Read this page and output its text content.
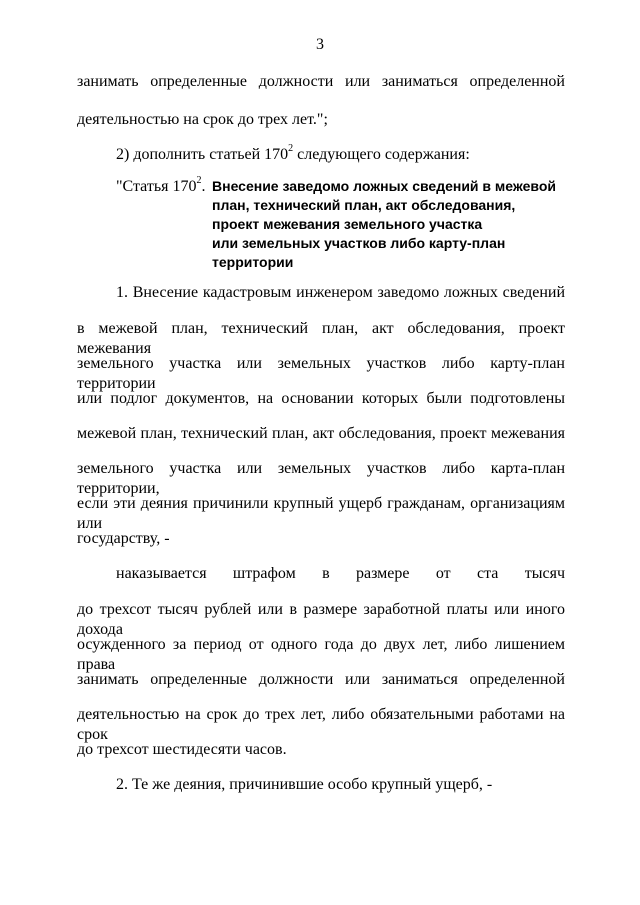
3
занимать определенные должности или заниматься определенной
деятельностью на срок до трех лет.";
2) дополнить статьей $170^2$ следующего содержания:
"Статья $170^2$. Внесение заведомо ложных сведений в межевой
план, технический план, акт обследования,
проект межевания земельного участка
или земельных участков либо карту-план
территории
1. Внесение кадастровым инженером заведомо ложных сведений
в межевой план, технический план, акт обследования, проект межевания
земельного участка или земельных участков либо карту-план территории
или подлог документов, на основании которых были подготовлены
межевой план, технический план, акт обследования, проект межевания
земельного участка или земельных участков либо карта-план территории,
если эти деяния причинили крупный ущерб гражданам, организациям или
государству, -
наказывается штрафом в размере от ста тысяч
до трехсот тысяч рублей или в размере заработной платы или иного дохода
осужденного за период от одного года до двух лет, либо лишением права
занимать определенные должности или заниматься определенной
деятельностью на срок до трех лет, либо обязательными работами на срок
до трехсот шестидесяти часов.
2. Те же деяния, причинившие особо крупный ущерб, -
